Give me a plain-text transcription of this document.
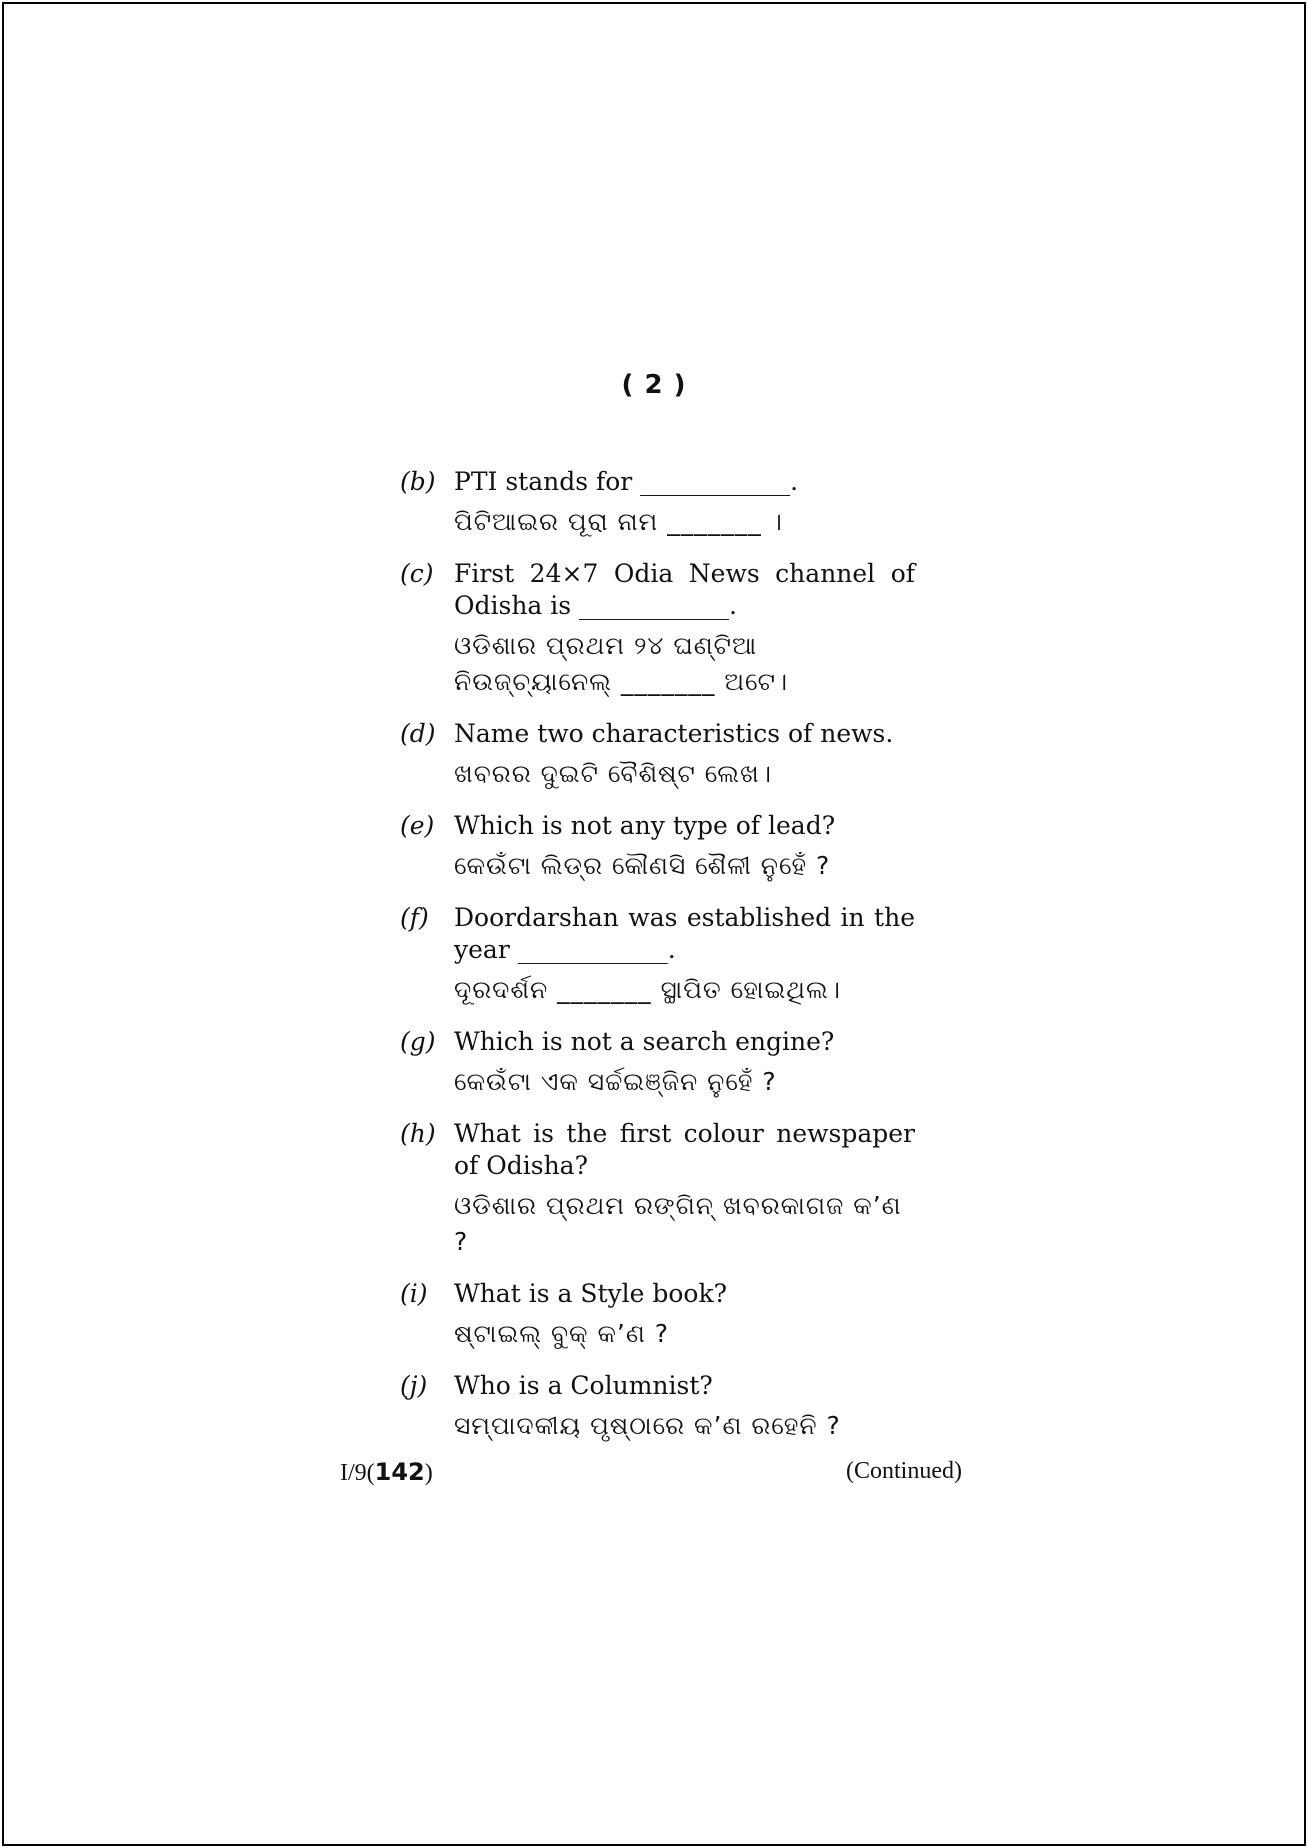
( 2 )
(b) PTI stands for ____________.

ପିଟିଆଇର ପୂରା ନାମ _______ ।
(c) First 24×7 Odia News channel of Odisha is ____________.

ଓଡିଶାର ପ୍ରଥମ ୨୪ ଘଣ୍ଟିଆ ନିଉଜ୍‌ଚ୍ୟାନେଲ୍ _______ ଅଟେ।
(d) Name two characteristics of news.

ଖବରର ଦୁଇଟି ବୈଶିଷ୍ଟ ଲେଖ।
(e) Which is not any type of lead?

କେଉଁଟା ଲିଡ୍‌ର କୌଣସି ଶୈଳୀ ନୁହେଁ ?
(f) Doordarshan was established in the year ____________.

ଦୂରଦର୍ଶନ _______ ସ୍ଥାପିତ ହୋଇଥିଲ।
(g) Which is not a search engine?

କେଉଁଟା ଏକ ସର୍ଚ୍ଚଇଞ୍ଜିନ ନୁହେଁ ?
(h) What is the first colour newspaper of Odisha?

ଓଡିଶାର ପ୍ରଥମ ରଙ୍ଗିନ୍ ଖବରକାଗଜ କ’ଣ ?
(i) What is a Style book?

ଷ୍ଟାଇଲ୍ ବୁକ୍ କ’ଣ ?
(j) Who is a Columnist?

ସମ୍ପାଦକୀୟ ପୃଷ୍ଠାରେ କ’ଣ ରହେନି ?
I/9(142)	(Continued)
